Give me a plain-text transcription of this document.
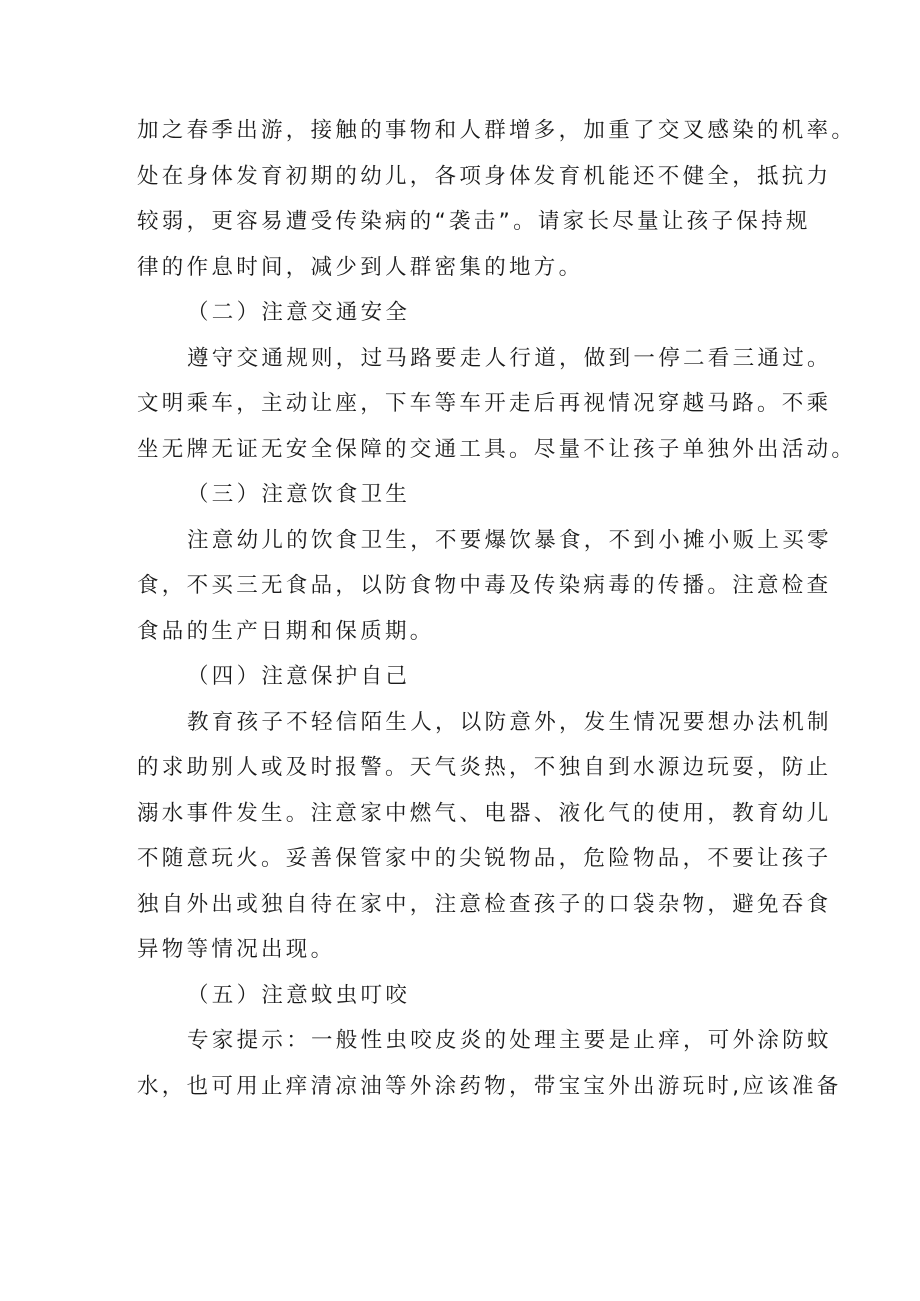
加之春季出游，接触的事物和人群增多，加重了交叉感染的机率。
处在身体发育初期的幼儿，各项身体发育机能还不健全，抵抗力
较弱，更容易遭受传染病的“袭击”。请家长尽量让孩子保持规
律的作息时间，减少到人群密集的地方。
（二）注意交通安全
遵守交通规则，过马路要走人行道，做到一停二看三通过。
文明乘车，主动让座，下车等车开走后再视情况穿越马路。不乘
坐无牌无证无安全保障的交通工具。尽量不让孩子单独外出活动。
（三）注意饮食卫生
注意幼儿的饮食卫生，不要爆饮暴食，不到小摊小贩上买零
食，不买三无食品，以防食物中毒及传染病毒的传播。注意检查
食品的生产日期和保质期。
（四）注意保护自己
教育孩子不轻信陌生人，以防意外，发生情况要想办法机制
的求助别人或及时报警。天气炎热，不独自到水源边玩耍，防止
溺水事件发生。注意家中燃气、电器、液化气的使用，教育幼儿
不随意玩火。妥善保管家中的尖锐物品，危险物品，不要让孩子
独自外出或独自待在家中，注意检查孩子的口袋杂物，避免吞食
异物等情况出现。
（五）注意蚊虫叮咬
专家提示：一般性虫咬皮炎的处理主要是止痒，可外涂防蚊
水，也可用止痒清凉油等外涂药物，带宝宝外出游玩时,应该准备
